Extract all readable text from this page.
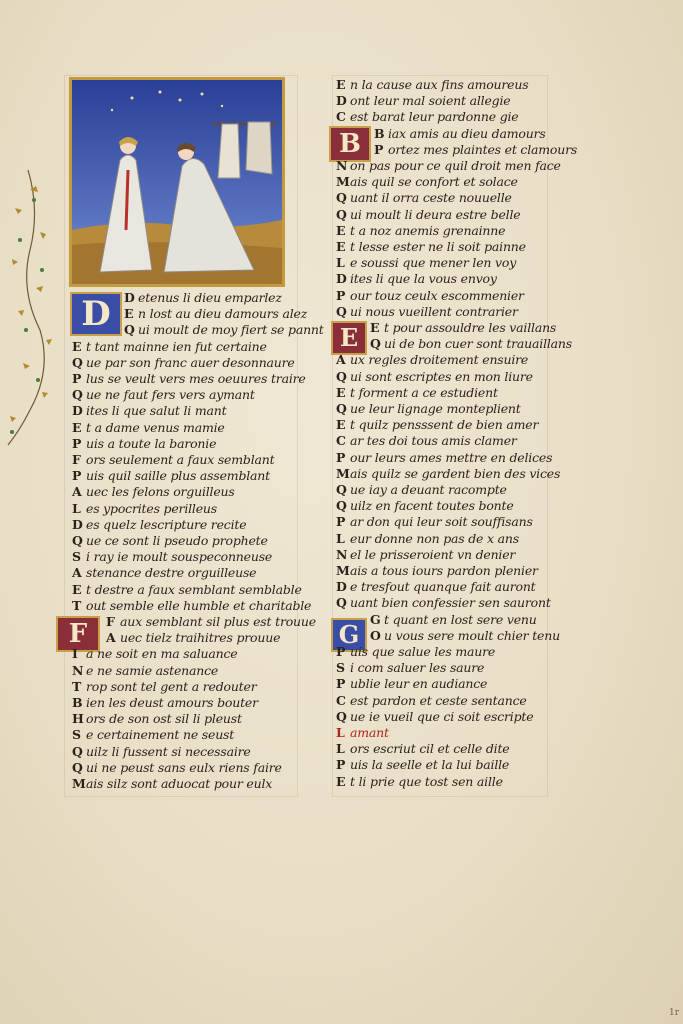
D
F
B
E
G
D etenus li dieu emparlez
E n lost au dieu damours alez
Q ui moult de moy fiert se pannt
E t tant mainne ien fut certaine
Q ue par son franc auer desonnaure
P lus se veult vers mes oeuures traire
Q ue ne faut fers vers aymant
D ites li que salut li mant
E t a dame venus mamie
P uis a toute la baronie
F ors seulement a faux semblant
P uis quil saille plus assemblant
A uec les felons orguilleus
L es ypocrites perilleus
D es quelz lescripture recite
Q ue ce sont li pseudo prophete
S i ray ie moult souspeconneuse
A stenance destre orguilleuse
E t destre a faux semblant semblable
T out semble elle humble et charitable
F aux semblant sil plus est trouue
A uec tielz traihitres prouue
I a ne soit en ma saluance
N e ne samie astenance
T rop sont tel gent a redouter
B ien les deust amours bouter
H ors de son ost sil li pleust
S e certainement ne seust
Q uilz li fussent si necessaire
Q ui ne peust sans eulx riens faire
Mais silz sont aduocat pour eulx
E n la cause aux fins amoureus
D ont leur mal soient allegie
C est barat leur pardonne gie
B iax amis au dieu damours
P ortez mes plaintes et clamours
N on pas pour ce quil droit men face
Mais quil se confort et solace
Q uant il orra ceste nouuelle
Q ui moult li deura estre belle
E t a noz anemis grenainne
E t lesse ester ne li soit painne
L e soussi que mener len voy
D ites li que la vous envoy
P our touz ceulx escommenier
Q ui nous vueillent contrarier
E t pour assouldre les vaillans
Q ui de bon cuer sont trauaillans
A ux regles droitement ensuire
Q ui sont escriptes en mon liure
E t forment a ce estudient
Q ue leur lignage monteplient
E t quilz pensssent de bien amer
C ar tes doi tous amis clamer
P our leurs ames mettre en delices
Mais quilz se gardent bien des vices
Q ue iay a deuant racompte
Q uilz en facent toutes bonte
P ar don qui leur soit souffisans
L eur donne non pas de x ans
N el le prisseroient vn denier
Mais a tous iours pardon plenier
D e tresfout quanque fait auront
Q uant bien confessier sen sauront
G t quant en lost sere venu
O u vous sere moult chier tenu
P uis que salue les maure
S i com saluer les saure
P ublie leur en audiance
C est pardon et ceste sentance
Q ue ie vueil que ci soit escripte
L amant
L ors escriut cil et celle dite
P uis la seelle et la lui baille
E t li prie que tost sen aille
1r
